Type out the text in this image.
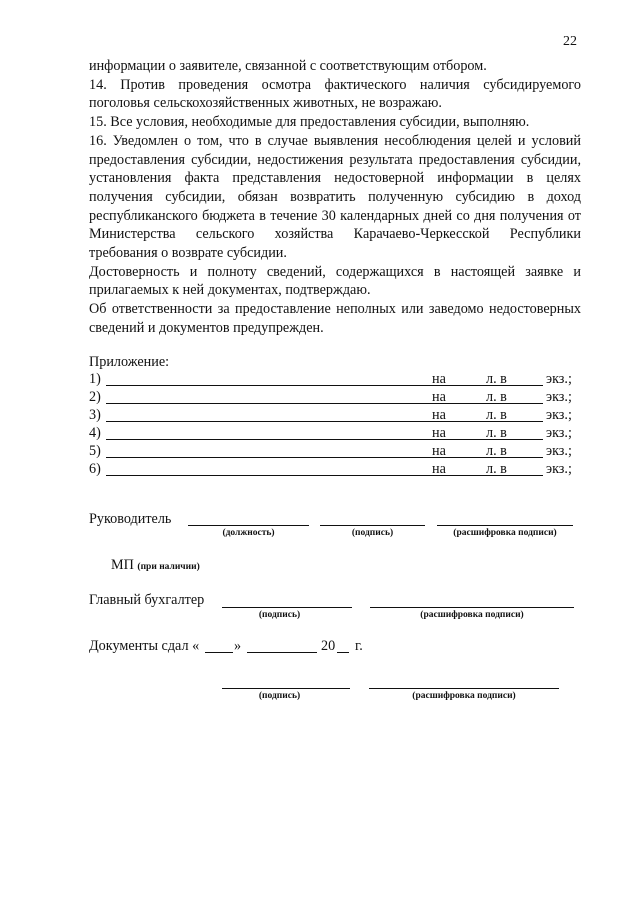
22

информации о заявителе, связанной с соответствующим отбором.

14. Против проведения осмотра фактического наличия субсидируемого поголовья сельскохозяйственных животных, не возражаю.

15. Все условия, необходимые для предоставления субсидии, выполняю.

16. Уведомлен о том, что в случае выявления несоблюдения целей и условий предоставления субсидии, недостижения результата предоставления субсидии, установления факта представления недостоверной информации в целях получения субсидии, обязан возвратить полученную субсидию в доход республиканского бюджета в течение 30 календарных дней со дня получения от Министерства сельского хозяйства Карачаево-Черкесской Республики требования о возврате субсидии.

Достоверность и полноту сведений, содержащихся в настоящей заявке и прилагаемых к ней документах, подтверждаю.

Об ответственности за предоставление неполных или заведомо недостоверных сведений и документов предупрежден.

Приложение:
1)	на	л. в	экз.;
2)	на	л. в	экз.;
3)	на	л. в	экз.;
4)	на	л. в	экз.;
5)	на	л. в	экз.;
6)	на	л. в	экз.;
Руководитель
(должность)	(подпись)	(расшифровка подписи)
МП (при наличии)
Главный бухгалтер
(подпись)	(расшифровка подписи)
Документы сдал « »	20 г.
(подпись)	(расшифровка подписи)
